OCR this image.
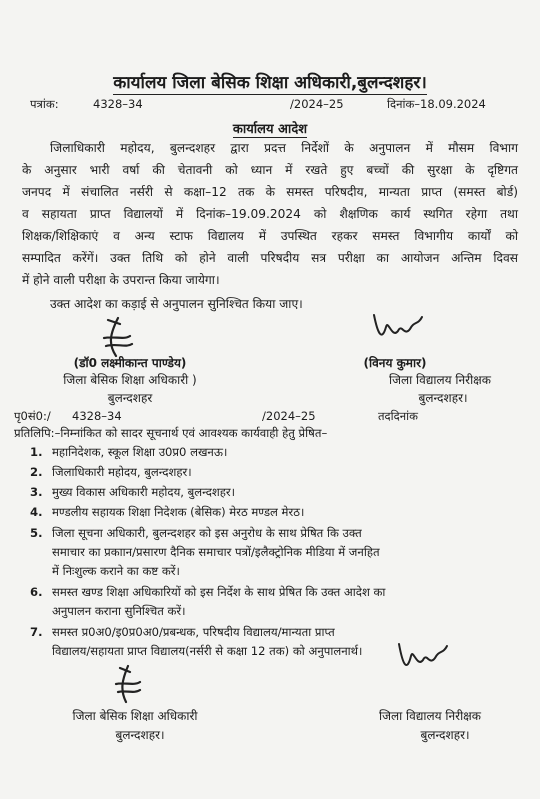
कार्यालय जिला बेसिक शिक्षा अधिकारी,बुलन्दशहर।
पत्रांक:	4328–34	/2024–25	दिनांक–18.09.2024
कार्यालय आदेश
जिलाधिकारी महोदय, बुलन्दशहर द्वारा प्रदत्त निर्देशों के अनुपालन में मौसम विभाग
के अनुसार भारी वर्षा की चेतावनी को ध्यान में रखते हुए बच्चों की सुरक्षा के दृष्टिगत
जनपद में संचालित नर्सरी से कक्षा–12 तक के समस्त परिषदीय, मान्यता प्राप्त (समस्त बोर्ड)
व सहायता प्राप्त विद्यालयों में दिनांक–19.09.2024 को शैक्षणिक कार्य स्थगित रहेगा तथा
शिक्षक/शिक्षिकाएं व अन्य स्टाफ विद्यालय में उपस्थित रहकर समस्त विभागीय कार्यों को
सम्पादित करेंगें। उक्त तिथि को होने वाली परिषदीय सत्र परीक्षा का आयोजन अन्तिम दिवस
में होने वाली परीक्षा के उपरान्त किया जायेगा।
उक्त आदेश का कड़ाई से अनुपालन सुनिश्चित किया जाए।
(डॉ0 लक्ष्मीकान्त पाण्डेय)
जिला बेसिक शिक्षा अधिकारी )
बुलन्दशहर
(विनय कुमार)
जिला विद्यालय निरीक्षक
बुलन्दशहर।
पृ0सं0:/ 4328–34	/2024–25	तददिनांक
प्रतिलिपि:–निम्नांकित को सादर सूचनार्थ एवं आवश्यक कार्यवाही हेतु प्रेषित–
1. महानिदेशक, स्कूल शिक्षा उ0प्र0 लखनऊ।
2. जिलाधिकारी महोदय, बुलन्दशहर।
3. मुख्य विकास अधिकारी महोदय, बुलन्दशहर।
4. मण्डलीय सहायक शिक्षा निदेशक (बेसिक) मेरठ मण्डल मेरठ।
5. जिला सूचना अधिकारी, बुलन्दशहर को इस अनुरोध के साथ प्रेषित कि उक्त
समाचार का प्रकाान/प्रसारण दैनिक समाचार पत्रों/इलैक्ट्रोनिक मीडिया में जनहित
में निःशुल्क कराने का कष्ट करें।
6. समस्त खण्ड शिक्षा अधिकारियों को इस निर्देश के साथ प्रेषित कि उक्त आदेश का
अनुपालन कराना सुनिश्चित करें।
7. समस्त प्र0अ0/इ0प्र0अ0/प्रबन्धक, परिषदीय विद्यालय/मान्यता प्राप्त
विद्यालय/सहायता प्राप्त विद्यालय(नर्सरी से कक्षा 12 तक) को अनुपालनार्थ।
जिला बेसिक शिक्षा अधिकारी
बुलन्दशहर।
जिला विद्यालय निरीक्षक
बुलन्दशहर।
